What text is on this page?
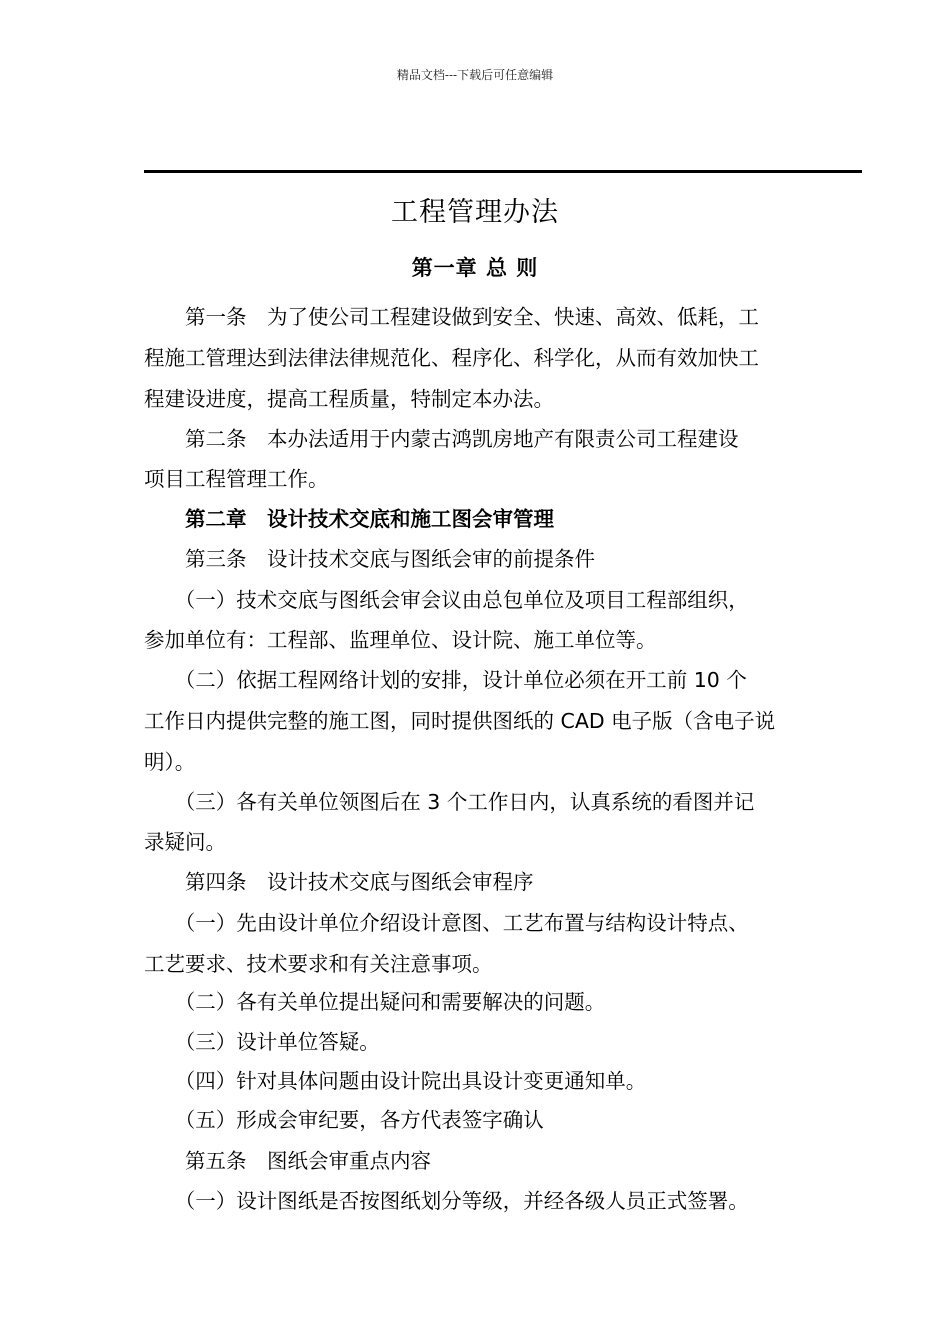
精品文档---下载后可任意编辑
工程管理办法
第一章 总 则
　　第一条　为了使公司工程建设做到安全、快速、高效、低耗，工
程施工管理达到法律法律规范化、程序化、科学化，从而有效加快工
程建设进度，提高工程质量，特制定本办法。
　　第二条　本办法适用于内蒙古鸿凯房地产有限责公司工程建设
项目工程管理工作。
　　第二章　设计技术交底和施工图会审管理
　　第三条　设计技术交底与图纸会审的前提条件
　　（一）技术交底与图纸会审会议由总包单位及项目工程部组织，
参加单位有：工程部、监理单位、设计院、施工单位等。
　　（二）依据工程网络计划的安排，设计单位必须在开工前 10 个
工作日内提供完整的施工图，同时提供图纸的 CAD 电子版（含电子说
明）。
　　（三）各有关单位领图后在 3 个工作日内，认真系统的看图并记
录疑问。
　　第四条　设计技术交底与图纸会审程序
　　（一）先由设计单位介绍设计意图、工艺布置与结构设计特点、
工艺要求、技术要求和有关注意事项。
　　（二）各有关单位提出疑问和需要解决的问题。
　　（三）设计单位答疑。
　　（四）针对具体问题由设计院出具设计变更通知单。
　　（五）形成会审纪要，各方代表签字确认
　　第五条　图纸会审重点内容
　　（一）设计图纸是否按图纸划分等级，并经各级人员正式签署。
